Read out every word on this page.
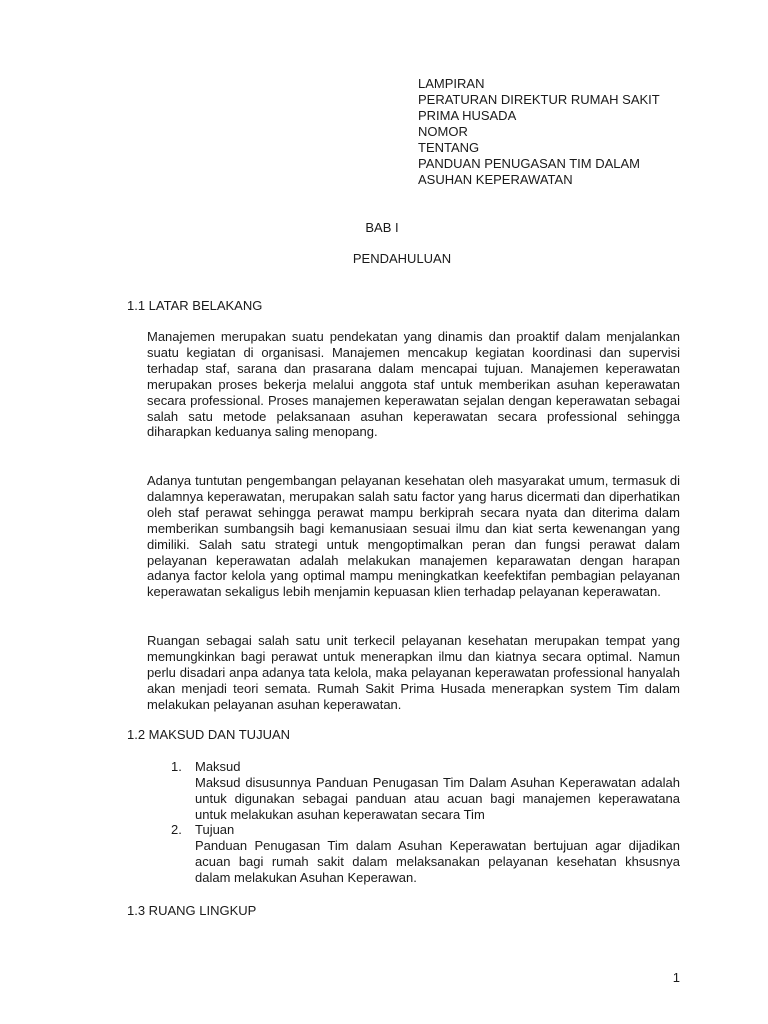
LAMPIRAN
PERATURAN DIREKTUR RUMAH SAKIT
PRIMA HUSADA
NOMOR
TENTANG
PANDUAN PENUGASAN TIM DALAM
ASUHAN KEPERAWATAN
BAB I
PENDAHULUAN
1.1 LATAR BELAKANG

Manajemen merupakan suatu pendekatan yang dinamis dan proaktif dalam menjalankan suatu kegiatan di organisasi. Manajemen mencakup kegiatan koordinasi dan supervisi terhadap staf, sarana dan prasarana dalam mencapai tujuan. Manajemen keperawatan merupakan proses bekerja melalui anggota staf untuk memberikan asuhan keperawatan secara professional. Proses manajemen keperawatan sejalan dengan keperawatan sebagai salah satu metode pelaksanaan asuhan keperawatan secara professional sehingga diharapkan keduanya saling menopang.

Adanya tuntutan pengembangan pelayanan kesehatan oleh masyarakat umum, termasuk di dalamnya keperawatan, merupakan salah satu factor yang harus dicermati dan diperhatikan oleh staf perawat sehingga perawat mampu berkiprah secara nyata dan diterima dalam memberikan sumbangsih bagi kemanusiaan sesuai ilmu dan kiat serta kewenangan yang dimiliki. Salah satu strategi untuk mengoptimalkan peran dan fungsi perawat dalam pelayanan keperawatan adalah melakukan manajemen keparawatan dengan harapan adanya factor kelola yang optimal mampu meningkatkan keefektifan pembagian pelayanan keperawatan sekaligus lebih menjamin kepuasan klien terhadap pelayanan keperawatan.

Ruangan sebagai salah satu unit terkecil pelayanan kesehatan merupakan tempat yang memungkinkan bagi perawat untuk menerapkan ilmu dan kiatnya secara optimal. Namun perlu disadari anpa adanya tata kelola, maka pelayanan keperawatan professional hanyalah akan menjadi teori semata. Rumah Sakit Prima Husada menerapkan system Tim dalam melakukan pelayanan asuhan keperawatan.

1.2 MAKSUD DAN TUJUAN
1. Maksud

Maksud disusunnya Panduan Penugasan Tim Dalam Asuhan Keperawatan adalah untuk digunakan sebagai panduan atau acuan bagi manajemen keperawatana untuk melakukan asuhan keperawatan secara Tim

2. Tujuan

Panduan Penugasan Tim dalam Asuhan Keperawatan bertujuan agar dijadikan acuan bagi rumah sakit dalam melaksanakan pelayanan kesehatan khsusnya dalam melakukan Asuhan Keperawan.

1.3 RUANG LINGKUP
1
